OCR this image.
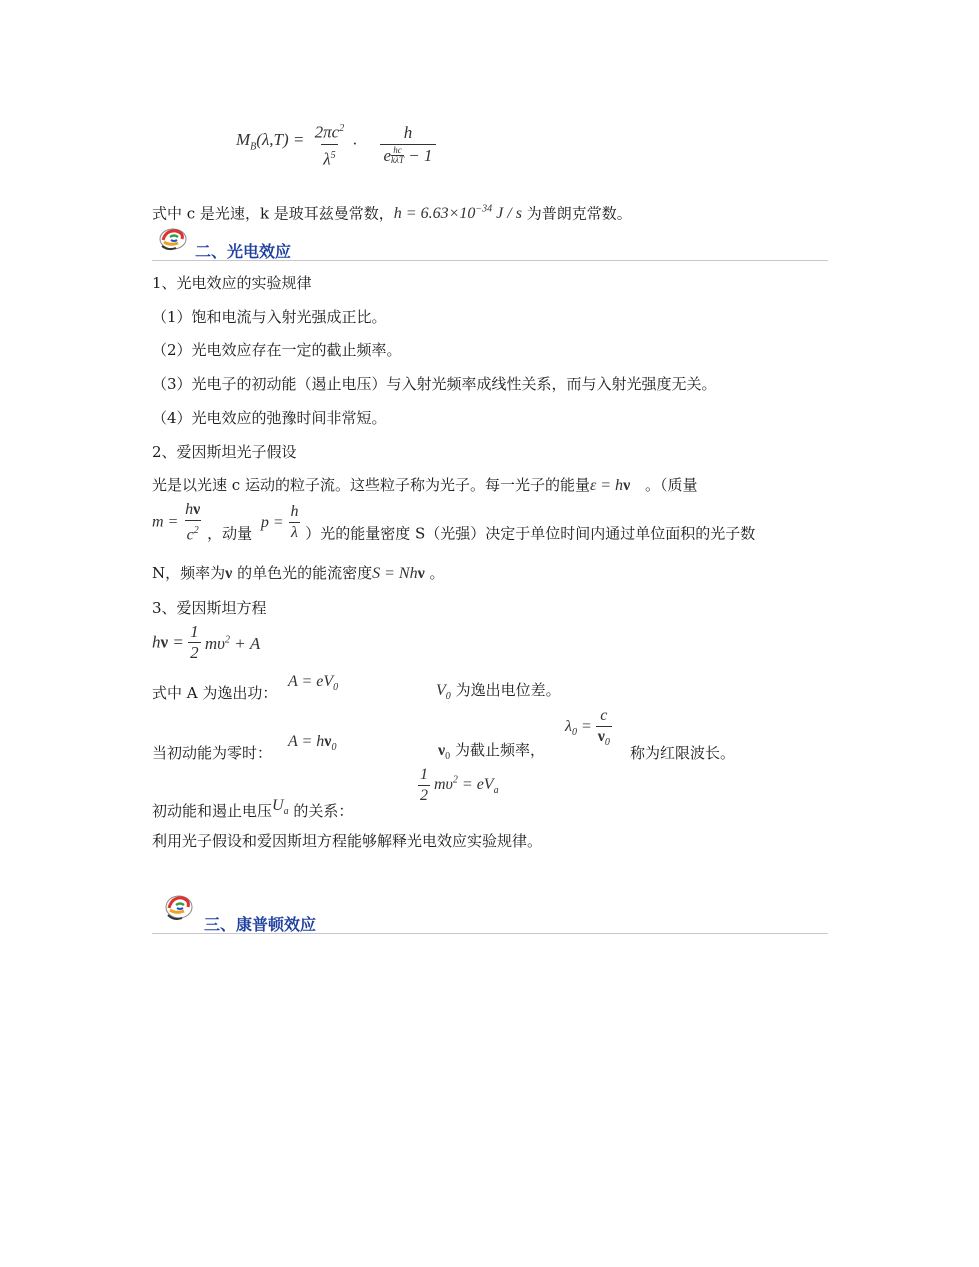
$M_B(\lambda,T) = \frac{2\pi c^2}{\lambda^5} \cdot h$
e $^{hc k\lambda T}$ − 1
式中 c 是光速，k 是玻耳兹曼常数，$h = 6.63\times 10^{-34}$ J / s 为普朗克常数。
二、光电效应
1、光电效应的实验规律
（1）饱和电流与入射光强成正比。
（2）光电效应存在一定的截止频率。
（3）光电子的初动能（遏止电压）与入射光频率成线性关系，而与入射光强度无关。
（4）光电效应的弛豫时间非常短。
2、爱因斯坦光子假设
光是以光速 c 运动的粒子流。这些粒子称为光子。每一光子的能量ε = hν 。（质量
$m = \frac{h\nu}{c^2}$ ，动量 $p = \frac{h}{\lambda}$ ）光的能量密度 S（光强）决定于单位时间内通过单位面积的光子数
N，频率为ν 的单色光的能流密度S = Nhν 。
3、爱因斯坦方程
$h\nu = \frac{1}{2} m\upsilon^2 + A$
式中 A 为逸出功：
$A = eV_0$	$V_0$ 为逸出电位差。
当初动能为零时：
$A = h\nu_0$	$\nu_0$ 为截止频率，
$\lambda_0 = \frac{c}{\nu_0}$ 称为红限波长。
初动能和遏止电压$U_a$ 的关系：
$\frac{1}{2} m\upsilon^2 = eV_a$
利用光子假设和爱因斯坦方程能够解释光电效应实验规律。
三、康普顿效应
